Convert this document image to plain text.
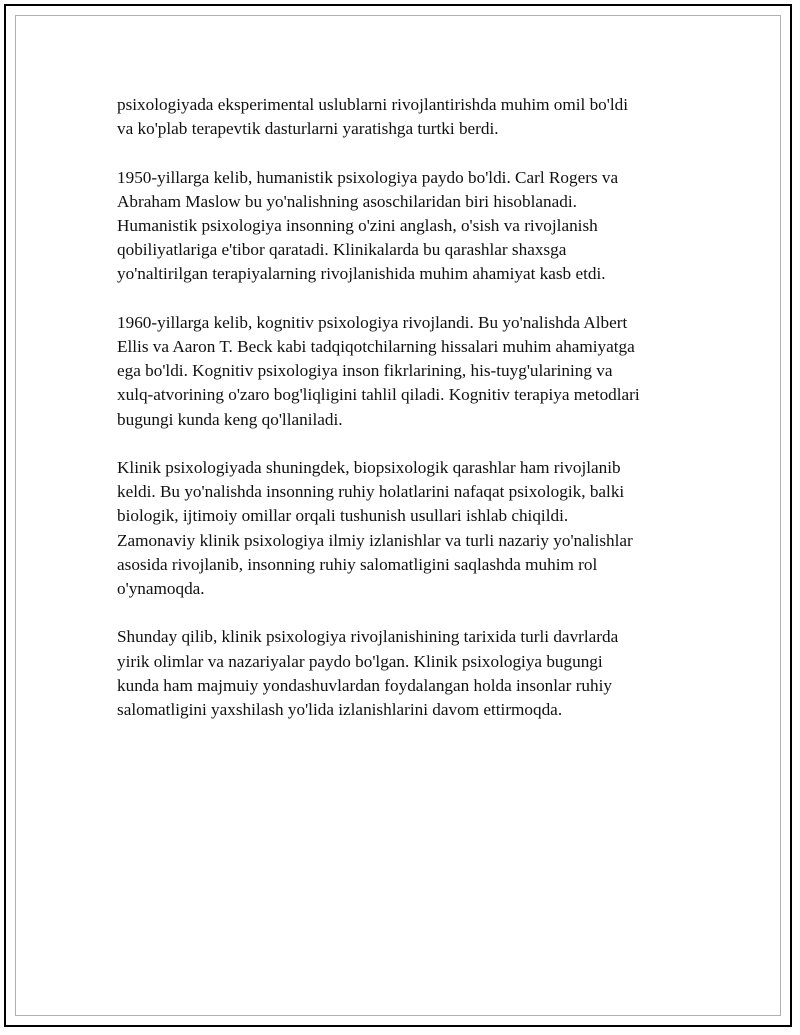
psixologiyada eksperimental uslublarni rivojlantirishda muhim omil bo'ldi
va ko'plab terapevtik dasturlarni yaratishga turtki berdi.

1950-yillarga kelib, humanistik psixologiya paydo bo'ldi. Carl Rogers va
Abraham Maslow bu yo'nalishning asoschilaridan biri hisoblanadi.
Humanistik psixologiya insonning o'zini anglash, o'sish va rivojlanish
qobiliyatlariga e'tibor qaratadi. Klinikalarda bu qarashlar shaxsga
yo'naltirilgan terapiyalarning rivojlanishida muhim ahamiyat kasb etdi.

1960-yillarga kelib, kognitiv psixologiya rivojlandi. Bu yo'nalishda Albert
Ellis va Aaron T. Beck kabi tadqiqotchilarning hissalari muhim ahamiyatga
ega bo'ldi. Kognitiv psixologiya inson fikrlarining, his-tuyg'ularining va
xulq-atvorining o'zaro bog'liqligini tahlil qiladi. Kognitiv terapiya metodlari
bugungi kunda keng qo'llaniladi.

Klinik psixologiyada shuningdek, biopsixologik qarashlar ham rivojlanib
keldi. Bu yo'nalishda insonning ruhiy holatlarini nafaqat psixologik, balki
biologik, ijtimoiy omillar orqali tushunish usullari ishlab chiqildi.
Zamonaviy klinik psixologiya ilmiy izlanishlar va turli nazariy yo'nalishlar
asosida rivojlanib, insonning ruhiy salomatligini saqlashda muhim rol
o'ynamoqda.

Shunday qilib, klinik psixologiya rivojlanishining tarixida turli davrlarda
yirik olimlar va nazariyalar paydo bo'lgan. Klinik psixologiya bugungi
kunda ham majmuiy yondashuvlardan foydalangan holda insonlar ruhiy
salomatligini yaxshilash yo'lida izlanishlarini davom ettirmoqda.
